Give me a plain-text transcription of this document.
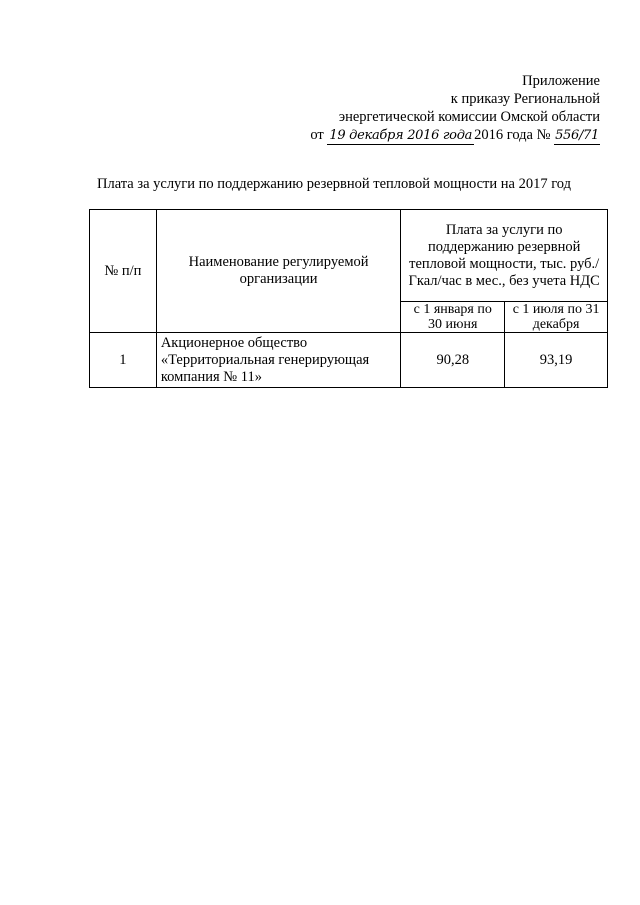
Приложение
к приказу Региональной
энергетической комиссии Омской области
от 19 декабря 2016 года 2016 года № 556/71
Плата за услуги по поддержанию резервной тепловой мощности на 2017 год
№ п/п	Наименование регулируемой организации	Плата за услуги по поддержанию резервной тепловой мощности, тыс. руб./Гкал/час в мес., без учета НДС	
		с 1 января по 30 июня	с 1 июля по 31 декабря
1	Акционерное общество «Территориальная генерирующая компания № 11»	90,28	93,19
